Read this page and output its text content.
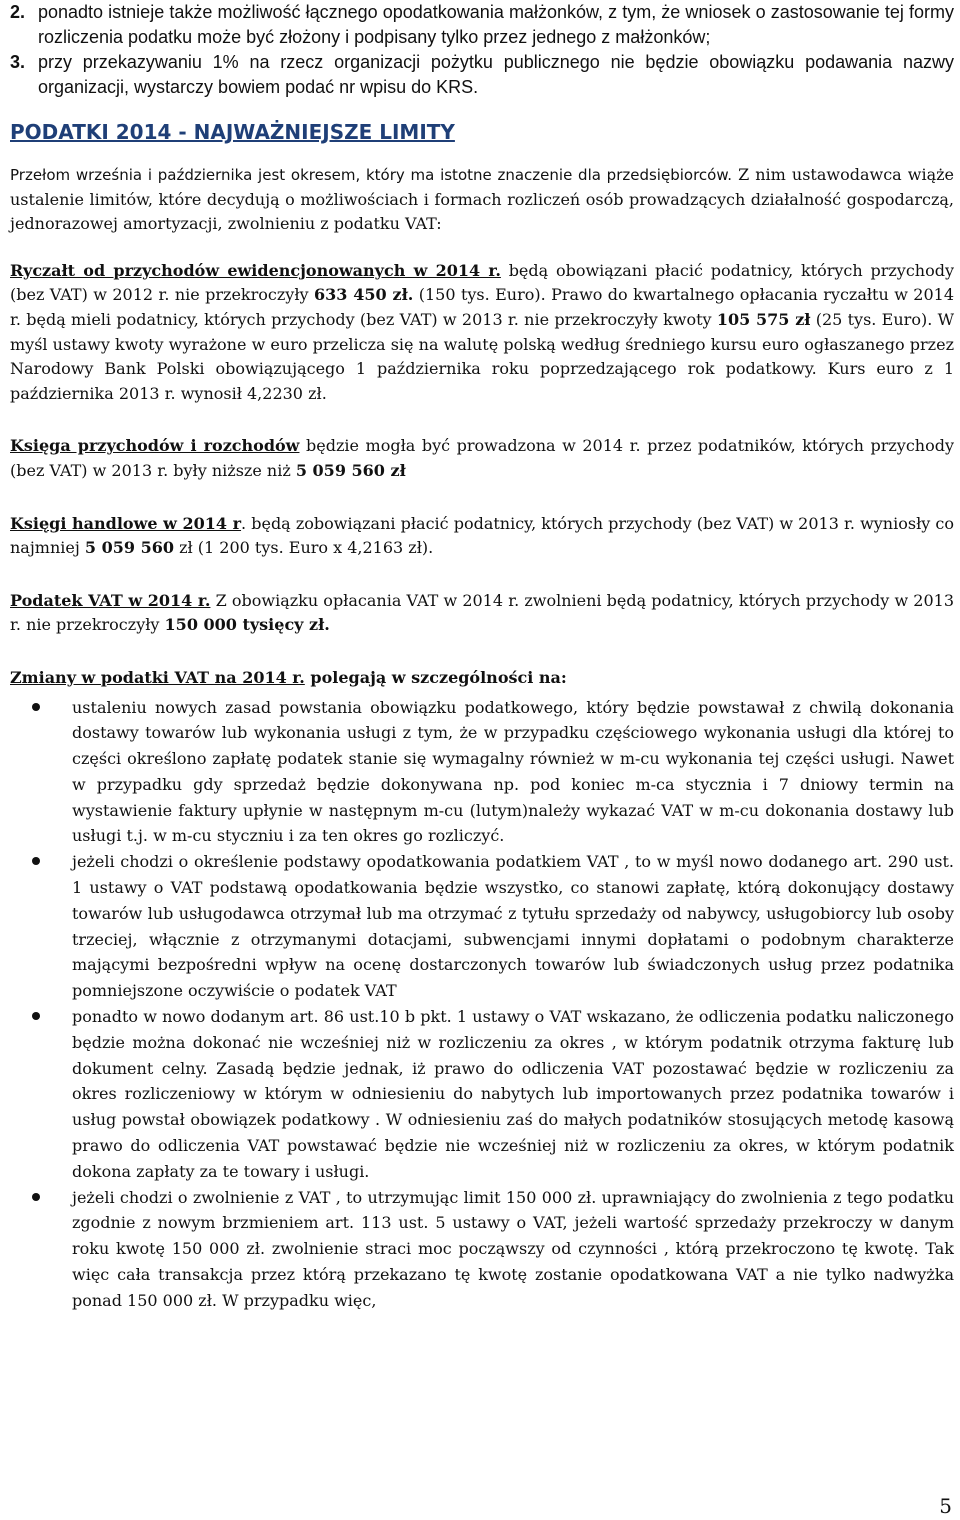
2. ponadto istnieje także możliwość łącznego opodatkowania małżonków, z tym, że wniosek o zastosowanie tej formy rozliczenia podatku może być złożony i podpisany tylko przez jednego z małżonków;
3. przy przekazywaniu 1% na rzecz organizacji pożytku publicznego nie będzie obowiązku podawania nazwy organizacji, wystarczy bowiem podać nr wpisu do KRS.
PODATKI 2014 - NAJWAŻNIEJSZE LIMITY

Przełom września i października jest okresem, który ma istotne znaczenie dla przedsiębiorców. Z nim ustawodawca wiąże ustalenie limitów, które decydują o możliwościach i formach rozliczeń osób prowadzących działalność gospodarczą, jednorazowej amortyzacji, zwolnieniu z podatku VAT:

Ryczałt od przychodów ewidencjonowanych w 2014 r. będą obowiązani płacić podatnicy, których przychody (bez VAT) w 2012 r. nie przekroczyły 633 450 zł. (150 tys. Euro). Prawo do kwartalnego opłacania ryczałtu w 2014 r. będą mieli podatnicy, których przychody (bez VAT) w 2013 r. nie przekroczyły kwoty 105 575 zł (25 tys. Euro). W myśl ustawy kwoty wyrażone w euro przelicza się na walutę polską według średniego kursu euro ogłaszanego przez Narodowy Bank Polski obowiązującego 1 października roku poprzedzającego rok podatkowy. Kurs euro z 1 października 2013 r. wynosił 4,2230 zł.

Księga przychodów i rozchodów będzie mogła być prowadzona w 2014 r. przez podatników, których przychody (bez VAT) w 2013 r. były niższe niż 5 059 560 zł

Księgi handlowe w 2014 r. będą zobowiązani płacić podatnicy, których przychody (bez VAT) w 2013 r. wyniosły co najmniej 5 059 560 zł (1 200 tys. Euro x 4,2163 zł).

Podatek VAT w 2014 r. Z obowiązku opłacania VAT w 2014 r. zwolnieni będą podatnicy, których przychody w 2013 r. nie przekroczyły 150 000 tysięcy zł.

Zmiany w podatki VAT na 2014 r. polegają w szczególności na:

ustaleniu nowych zasad powstania obowiązku podatkowego, który będzie powstawał z chwilą dokonania dostawy towarów lub wykonania usługi z tym, że w przypadku częściowego wykonania usługi dla której to części określono zapłatę podatek stanie się wymagalny również w m-cu wykonania tej części usługi. Nawet w przypadku gdy sprzedaż będzie dokonywana np. pod koniec m-ca stycznia i 7 dniowy termin na wystawienie faktury upłynie w następnym m-cu (lutym)należy wykazać VAT w m-cu dokonania dostawy lub usługi t.j. w m-cu styczniu i za ten okres go rozliczyć.
jeżeli chodzi o określenie podstawy opodatkowania podatkiem VAT , to w myśl nowo dodanego art. 290 ust. 1 ustawy o VAT podstawą opodatkowania będzie wszystko, co stanowi zapłatę, którą dokonujący dostawy towarów lub usługodawca otrzymał lub ma otrzymać z tytułu sprzedaży od nabywcy, usługobiorcy lub osoby trzeciej, włącznie z otrzymanymi dotacjami, subwencjami innymi dopłatami o podobnym charakterze mającymi bezpośredni wpływ na ocenę dostarczonych towarów lub świadczonych usług przez podatnika pomniejszone oczywiście o podatek VAT
ponadto w nowo dodanym art. 86 ust.10 b pkt. 1 ustawy o VAT wskazano, że odliczenia podatku naliczonego będzie można dokonać nie wcześniej niż w rozliczeniu za okres , w którym podatnik otrzyma fakturę lub dokument celny. Zasadą będzie jednak, iż prawo do odliczenia VAT pozostawać będzie w rozliczeniu za okres rozliczeniowy w którym w odniesieniu do nabytych lub importowanych przez podatnika towarów i usług powstał obowiązek podatkowy . W odniesieniu zaś do małych podatników stosujących metodę kasową prawo do odliczenia VAT powstawać będzie nie wcześniej niż w rozliczeniu za okres, w którym podatnik dokona zapłaty za te towary i usługi.
jeżeli chodzi o zwolnienie z VAT , to utrzymując limit 150 000 zł. uprawniający do zwolnienia z tego podatku zgodnie z nowym brzmieniem art. 113 ust. 5 ustawy o VAT, jeżeli wartość sprzedaży przekroczy w danym roku kwotę 150 000 zł. zwolnienie straci moc począwszy od czynności , którą przekroczono tę kwotę. Tak więc cała transakcja przez którą przekazano tę kwotę zostanie opodatkowana VAT a nie tylko nadwyżka ponad 150 000 zł. W przypadku więc,
5
